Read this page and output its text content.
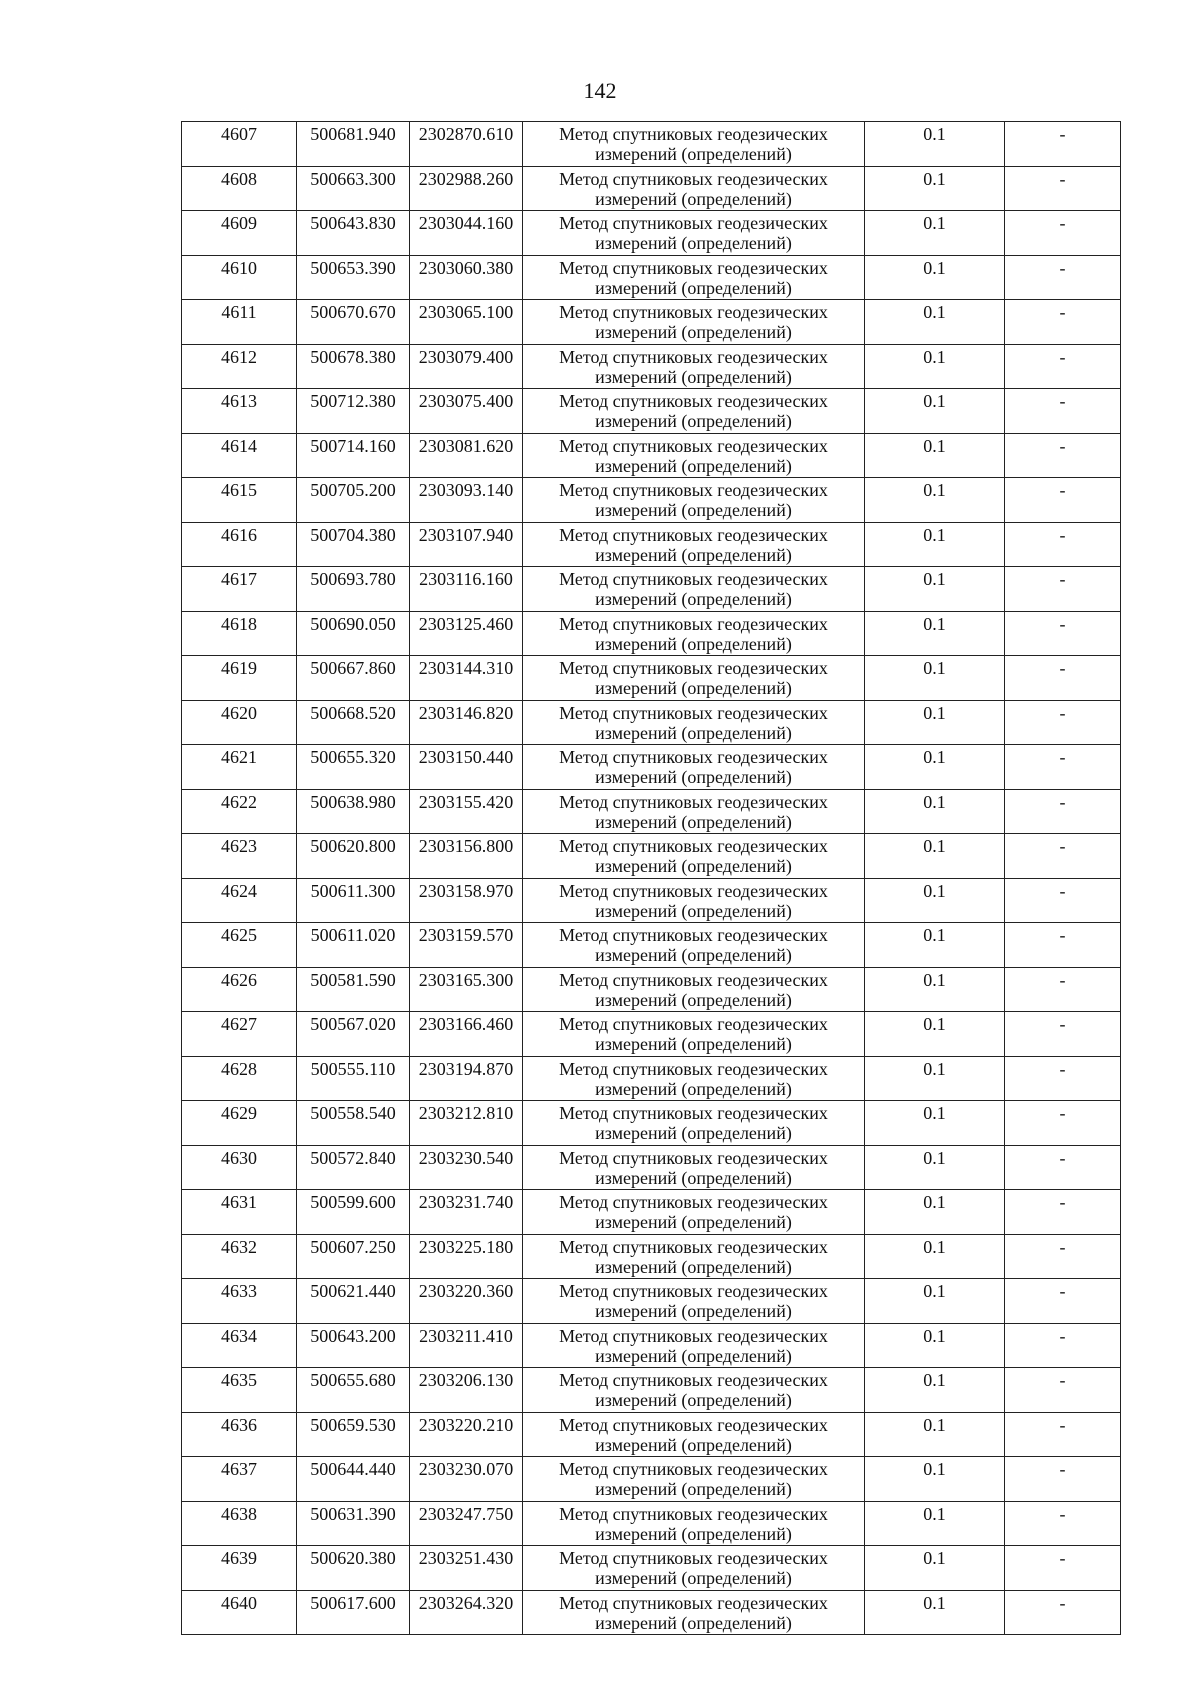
142
4607	500681.940	2302870.610	Метод спутниковых геодезических измерений (определений)	0.1	-
4608	500663.300	2302988.260	Метод спутниковых геодезических измерений (определений)	0.1	-
4609	500643.830	2303044.160	Метод спутниковых геодезических измерений (определений)	0.1	-
4610	500653.390	2303060.380	Метод спутниковых геодезических измерений (определений)	0.1	-
4611	500670.670	2303065.100	Метод спутниковых геодезических измерений (определений)	0.1	-
4612	500678.380	2303079.400	Метод спутниковых геодезических измерений (определений)	0.1	-
4613	500712.380	2303075.400	Метод спутниковых геодезических измерений (определений)	0.1	-
4614	500714.160	2303081.620	Метод спутниковых геодезических измерений (определений)	0.1	-
4615	500705.200	2303093.140	Метод спутниковых геодезических измерений (определений)	0.1	-
4616	500704.380	2303107.940	Метод спутниковых геодезических измерений (определений)	0.1	-
4617	500693.780	2303116.160	Метод спутниковых геодезических измерений (определений)	0.1	-
4618	500690.050	2303125.460	Метод спутниковых геодезических измерений (определений)	0.1	-
4619	500667.860	2303144.310	Метод спутниковых геодезических измерений (определений)	0.1	-
4620	500668.520	2303146.820	Метод спутниковых геодезических измерений (определений)	0.1	-
4621	500655.320	2303150.440	Метод спутниковых геодезических измерений (определений)	0.1	-
4622	500638.980	2303155.420	Метод спутниковых геодезических измерений (определений)	0.1	-
4623	500620.800	2303156.800	Метод спутниковых геодезических измерений (определений)	0.1	-
4624	500611.300	2303158.970	Метод спутниковых геодезических измерений (определений)	0.1	-
4625	500611.020	2303159.570	Метод спутниковых геодезических измерений (определений)	0.1	-
4626	500581.590	2303165.300	Метод спутниковых геодезических измерений (определений)	0.1	-
4627	500567.020	2303166.460	Метод спутниковых геодезических измерений (определений)	0.1	-
4628	500555.110	2303194.870	Метод спутниковых геодезических измерений (определений)	0.1	-
4629	500558.540	2303212.810	Метод спутниковых геодезических измерений (определений)	0.1	-
4630	500572.840	2303230.540	Метод спутниковых геодезических измерений (определений)	0.1	-
4631	500599.600	2303231.740	Метод спутниковых геодезических измерений (определений)	0.1	-
4632	500607.250	2303225.180	Метод спутниковых геодезических измерений (определений)	0.1	-
4633	500621.440	2303220.360	Метод спутниковых геодезических измерений (определений)	0.1	-
4634	500643.200	2303211.410	Метод спутниковых геодезических измерений (определений)	0.1	-
4635	500655.680	2303206.130	Метод спутниковых геодезических измерений (определений)	0.1	-
4636	500659.530	2303220.210	Метод спутниковых геодезических измерений (определений)	0.1	-
4637	500644.440	2303230.070	Метод спутниковых геодезических измерений (определений)	0.1	-
4638	500631.390	2303247.750	Метод спутниковых геодезических измерений (определений)	0.1	-
4639	500620.380	2303251.430	Метод спутниковых геодезических измерений (определений)	0.1	-
4640	500617.600	2303264.320	Метод спутниковых геодезических измерений (определений)	0.1	-
